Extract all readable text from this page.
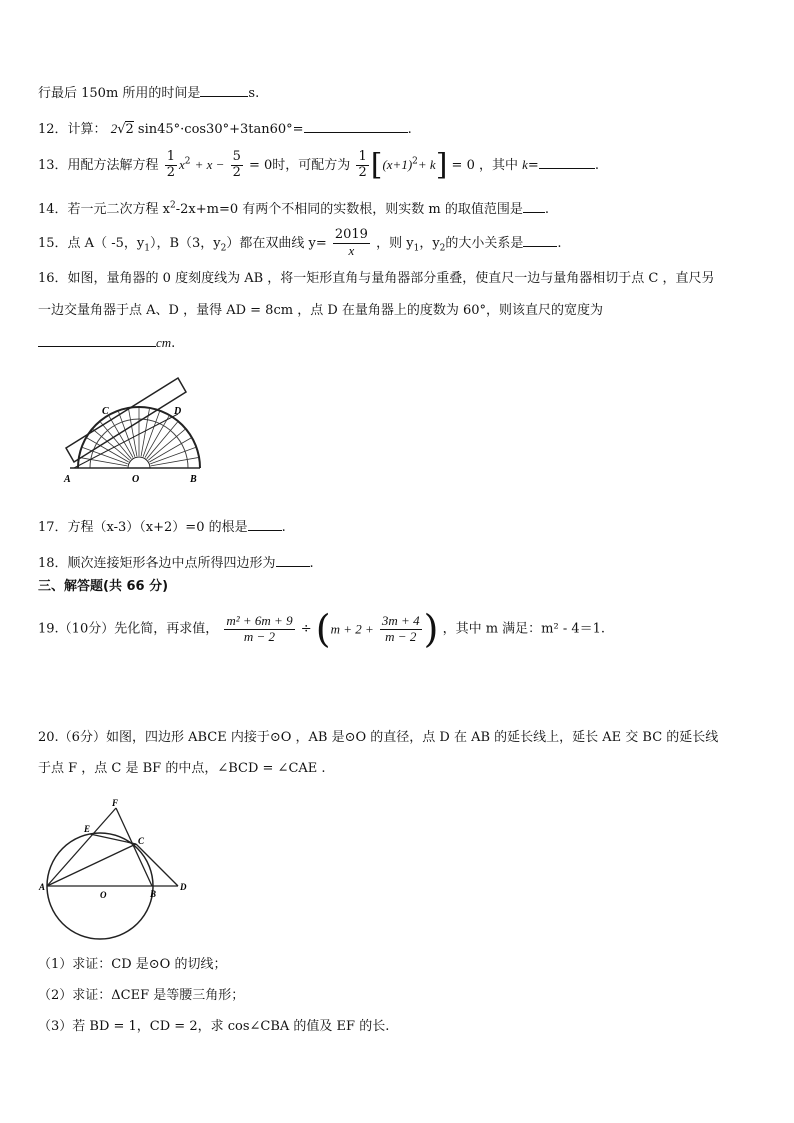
行最后 150m 所用的时间是	s.
12．计算： 2√2 sin45°·cos30°+3tan60°=	.
13．用配方法解方程 $\frac{1}{2} x^2 + x - \frac{5}{2} = 0$时，可配方为 $\frac{1}{2} [(x+1)^2+ k] = 0$ ，其中 k=	.
14．若一元二次方程 $x^2-2x+m=0$ 有两个不相同的实数根，则实数 m 的取值范围是 .
15．点 A（ -5，$y_1$），B（3，$y_2$）都在双曲线 $y= \frac{2019}{x}$ ，则 $y_1$，$y_2$的大小关系是	.
16．如图，量角器的 0 度刻度线为 AB ，将一矩形直角与量角器部分重叠，使直尺一边与量角器相切于点 C ，直尺另
一边交量角器于点 A、D ，量得 AD = 8cm ，点 D 在量角器上的度数为 60°，则该直尺的宽度为
cm.
A	B
C	D
O
17．方程（x-3）（x+2）=0 的根是	.
18．顺次连接矩形各边中点所得四边形为	.
三、解答题(共 66 分)
19.（10分）先化简，再求值， $\frac{\text{m² + 6m + 9}}{m - 2} \div (m + 2 + \frac{3m + 4}{m - 2}$ ) ，其中 m 满足：m² - 4＝1.
20.（6分）如图，四边形 ABCE 内接于⊙O ，AB 是⊙O 的直径，点 D 在 AB 的延长线上，延长 AE 交 BC 的延长线
于点 F ，点 C 是 BF 的中点，∠BCD = ∠CAE .
F
E
C
A
O	B
D
（1）求证：CD 是⊙O 的切线；
（2）求证：ΔCEF 是等腰三角形；
（3）若 BD = 1，CD = 2，求 cos∠CBA 的值及 EF 的长.
